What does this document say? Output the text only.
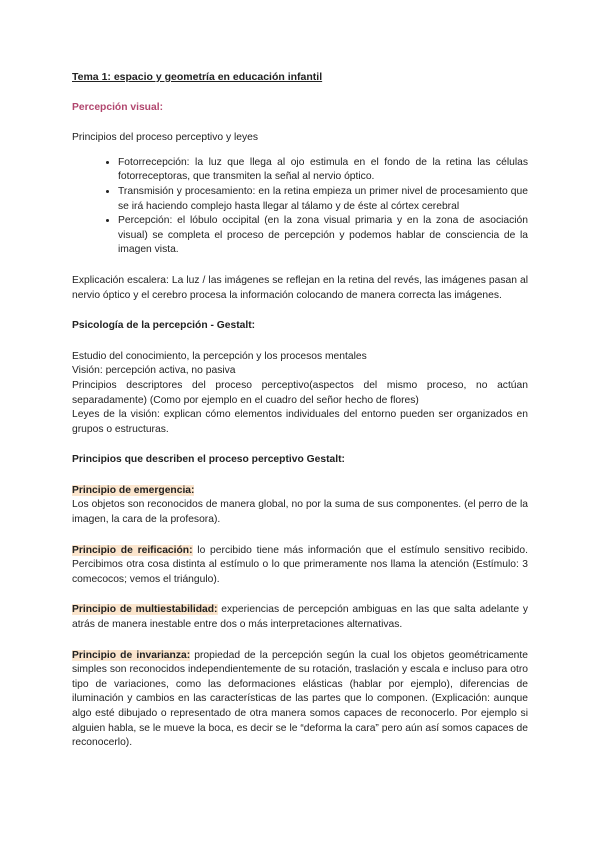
Tema 1: espacio y geometría en educación infantil
Percepción visual:

Principios del proceso perceptivo y leyes

• Fotorrecepción: la luz que llega al ojo estimula en el fondo de la retina las células fotorreceptoras, que transmiten la señal al nervio óptico.
• Transmisión y procesamiento: en la retina empieza un primer nivel de procesamiento que se irá haciendo complejo hasta llegar al tálamo y de éste al córtex cerebral
• Percepción: el lóbulo occipital (en la zona visual primaria y en la zona de asociación visual) se completa el proceso de percepción y podemos hablar de consciencia de la imagen vista.

Explicación escalera: La luz / las imágenes se reflejan en la retina del revés, las imágenes pasan al nervio óptico y el cerebro procesa la información colocando de manera correcta las imágenes.

Psicología de la percepción - Gestalt:

Estudio del conocimiento, la percepción y los procesos mentales

Visión: percepción activa, no pasiva

Principios descriptores del proceso perceptivo(aspectos del mismo proceso, no actúan separadamente) (Como por ejemplo en el cuadro del señor hecho de flores)

Leyes de la visión: explican cómo elementos individuales del entorno pueden ser organizados en grupos o estructuras.

Principios que describen el proceso perceptivo Gestalt:

Principio de emergencia:

Los objetos son reconocidos de manera global, no por la suma de sus componentes. (el perro de la imagen, la cara de la profesora).

Principio de reificación: lo percibido tiene más información que el estímulo sensitivo recibido. Percibimos otra cosa distinta al estímulo o lo que primeramente nos llama la atención (Estímulo: 3 comecocos; vemos el triángulo).

Principio de multiestabilidad: experiencias de percepción ambiguas en las que salta adelante y atrás de manera inestable entre dos o más interpretaciones alternativas.

Principio de invarianza: propiedad de la percepción según la cual los objetos geométricamente simples son reconocidos independientemente de su rotación, traslación y escala e incluso para otro tipo de variaciones, como las deformaciones elásticas (hablar por ejemplo), diferencias de iluminación y cambios en las características de las partes que lo componen. (Explicación: aunque algo esté dibujado o representado de otra manera somos capaces de reconocerlo. Por ejemplo si alguien habla, se le mueve la boca, es decir se le “deforma la cara” pero aún así somos capaces de reconocerlo).
